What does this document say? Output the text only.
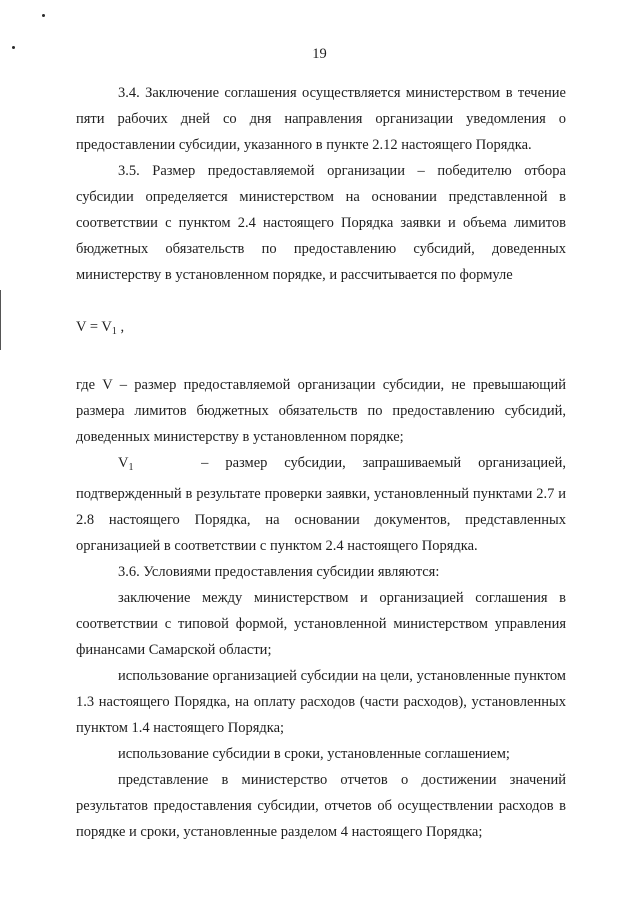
19

3.4. Заключение соглашения осуществляется министерством в течение пяти рабочих дней со дня направления организации уведомления о предоставлении субсидии, указанного в пункте 2.12 настоящего Порядка.

3.5. Размер предоставляемой организации – победителю отбора субсидии определяется министерством на основании представленной в соответствии с пунктом 2.4 настоящего Порядка заявки и объема лимитов бюджетных обязательств по предоставлению субсидий, доведенных министерству в установленном порядке, и рассчитывается по формуле

$V = V_1$ ,

где V – размер предоставляемой организации субсидии, не превышающий размера лимитов бюджетных обязательств по предоставлению субсидий, доведенных министерству в установленном порядке;

$V_1$	– размер субсидии, запрашиваемый организацией, подтвержденный в результате проверки заявки, установленный пунктами 2.7 и 2.8 настоящего Порядка, на основании документов, представленных организацией в соответствии с пунктом 2.4 настоящего Порядка.

3.6. Условиями предоставления субсидии являются:

заключение между министерством и организацией соглашения в соответствии с типовой формой, установленной министерством управления финансами Самарской области;

использование организацией субсидии на цели, установленные пунктом 1.3 настоящего Порядка, на оплату расходов (части расходов), установленных пунктом 1.4 настоящего Порядка;

использование субсидии в сроки, установленные соглашением;

представление в министерство отчетов о достижении значений результатов предоставления субсидии, отчетов об осуществлении расходов в порядке и сроки, установленные разделом 4 настоящего Порядка;
